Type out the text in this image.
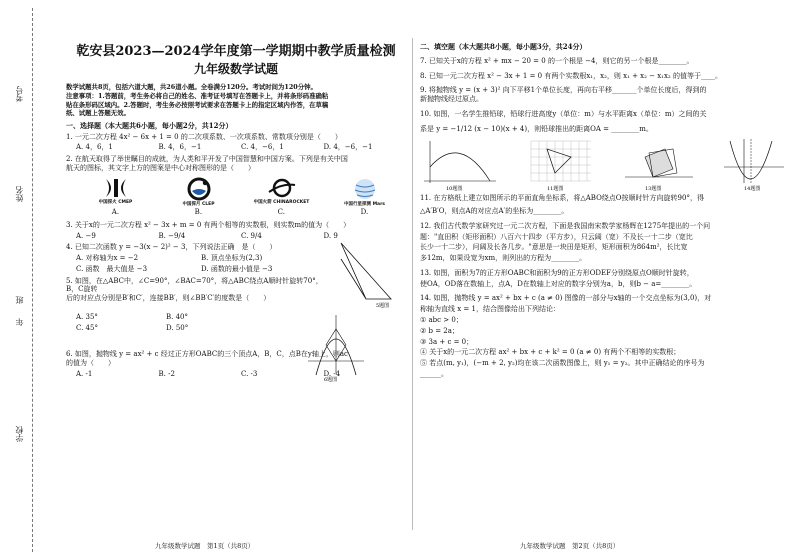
考号
姓名
班
年
学校
乾安县2023—2024学年度第一学期期中教学质量检测
九年级数学试题
数学试题共8页，包括六道大题，共26道小题。全卷满分120分。考试时间为120分钟。
注意事项：1.答题前，考生务必将自己的姓名、准考证号填写在答题卡上，并将条形码准确粘
贴在条形码区域内。2.答题时，考生务必按照考试要求在答题卡上的指定区域内作答，在草稿
纸、试题上答题无效。
一、选择题（本大题共6小题，每小题2分，共12分）
1. 一元二次方程 4x² − 6x + 1 = 0 的二次项系数、一次项系数、常数项分别是（　　）
A. 4，6，1	B. 4，6，−1	C. 4，−6，1	D. 4，−6，−1
2. 在航天取得了举世瞩目的成就，为人类和平开发了中国智慧和中国方案。下列是有关中国
航天的图标，其文字上方的图案是中心对称图形的是（　　）
中国探火 CMEP	中国探月 CLEP	中国火箭 CHINAROCKET	中国行星探测 Mars
A.	B.	C.	D.
3. 关于x的一元二次方程 x² − 3x + m = 0 有两个相等的实数根，则实数m的值为（　　）
A. −9	B. −9/4	C. 9/4	D. 9
4. 已知二次函数 y = −3(x − 2)² − 3，下列说法正确　是（　　）
A. 对称轴为x = −2	B. 顶点坐标为(2,3)
C. 函数　最大值是 −3	D. 函数的最小值是 −3
5. 如图，在△ABC中，∠C=90°，∠BAC=70°，将△ABC绕点A顺时针旋转70°，B，C旋转
后的对应点分别是B′和C′，连接BB′，则∠BB′C′的度数是（　　）
A. 35°	B. 40°
C. 45°	D. 50°
5题图
6题图
6. 如图，抛物线 y = ax² + c 经过正方形OABC的三个顶点A，B，C，点B在y轴上，则ac
的值为（　　）
A. -1	B. -2	C. -3	D. -4
九年级数学试题　第1页（共8页）
二、填空题（本大题共8小题，每小题3分，共24分）
7. 已知关于x的方程 x² + mx − 20 = 0 的一个根是 −4，则它的另一个根是________。
8. 已知一元二次方程 x² − 3x + 1 = 0 有两个实数根x₁，x₂，则 x₁ + x₂ − x₁x₂ 的值等于____。
9. 将抛物线 y = (x + 3)² 向下平移1个单位长度，再向右平移_______个单位长度后，得到的
新抛物线经过原点。
10. 如图，一名学生推铅球，铅球行进高度y（单位：m）与水平距离x（单位：m）之间的关
系是 y = −1/12 (x − 10)(x + 4)，则铅球推出的距离OA = ________m。
10题图	11题图	13题图	14题图
11. 在方格纸上建立如图所示的平面直角坐标系，将△ABO绕点O按顺时针方向旋转90°，得
△A′B′O，则点A的对应点A′的坐标为________。
12. 我们古代数学家研究过一元二次方程，下面是我国南宋数学家杨辉在1275年提出的一个问
题："直田积（矩形面积）八百六十四步（平方步），只云阔（宽）不及长一十二步（宽比
长少一十二步），问阔及长各几步。"意思是一块田是矩形，矩形面积为864m²，长比宽
多12m，如果设宽为xm，则列出的方程为________。
13. 如图，面积为7的正方形OABC和面积为9的正方形ODEF分别绕原点O顺时针旋转，
使OA，OD落在数轴上，点A，D在数轴上对应的数字分别为a，b，则b − a=________。
14. 如图，抛物线 y = ax² + bx + c (a ≠ 0) 图像的一部分与x轴的一个交点坐标为(3,0)，对
称轴为直线 x = 1，结合图像给出下列结论：
① abc > 0；
② b = 2a；
③ 3a + c = 0；
④ 关于x的一元二次方程 ax² + bx + c + k² = 0 (a ≠ 0) 有两个不相等的实数根；
⑤ 若点(m, y₁)，(−m + 2, y₂)均在该二次函数图像上，则 y₁ = y₂。其中正确结论的序号为
______。
九年级数学试题　第2页（共8页）
